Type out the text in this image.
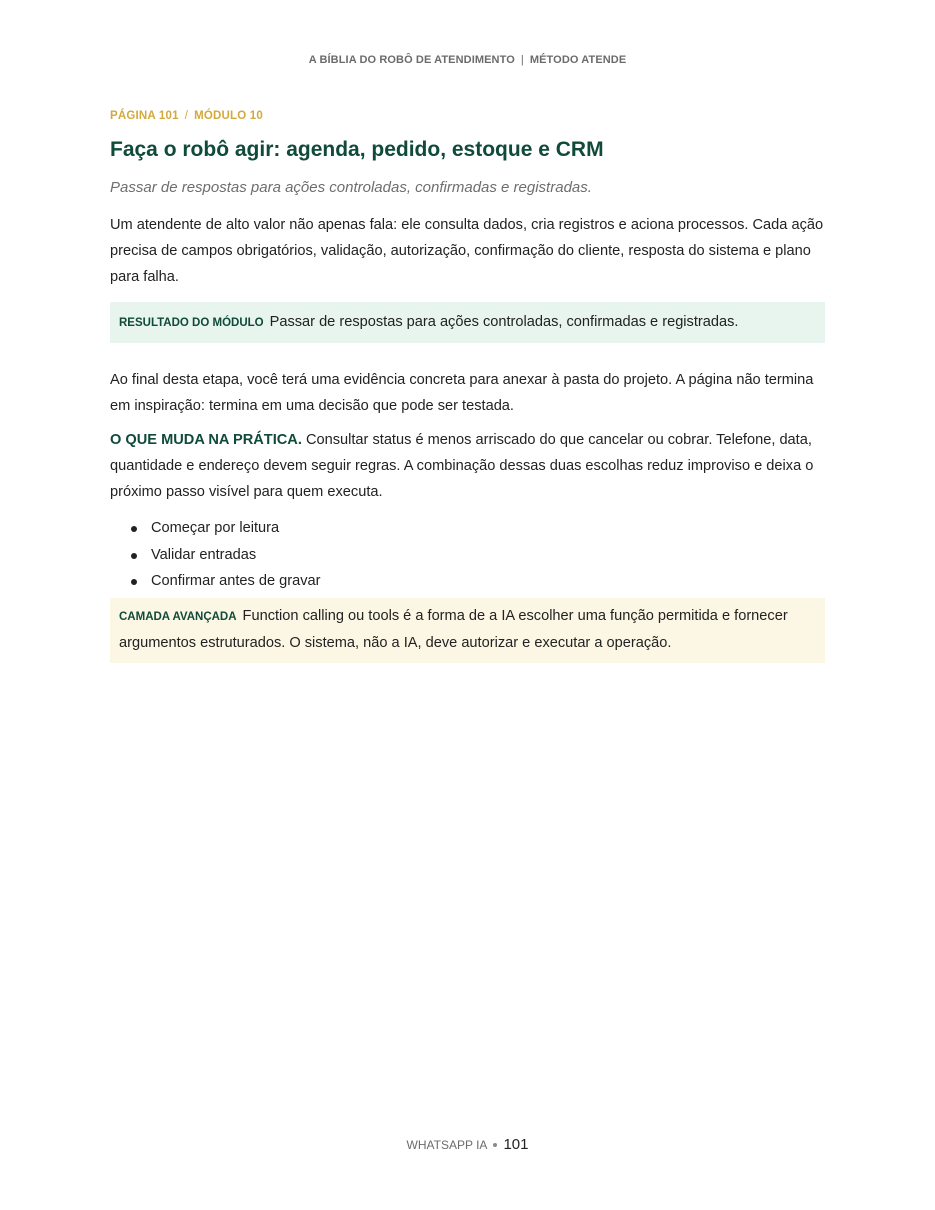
A BÍBLIA DO ROBÔ DE ATENDIMENTO | MÉTODO ATENDE
PÁGINA 101 / MÓDULO 10
Faça o robô agir: agenda, pedido, estoque e CRM
Passar de respostas para ações controladas, confirmadas e registradas.
Um atendente de alto valor não apenas fala: ele consulta dados, cria registros e aciona processos. Cada ação precisa de campos obrigatórios, validação, autorização, confirmação do cliente, resposta do sistema e plano para falha.
RESULTADO DO MÓDULO Passar de respostas para ações controladas, confirmadas e registradas.
Ao final desta etapa, você terá uma evidência concreta para anexar à pasta do projeto. A página não termina em inspiração: termina em uma decisão que pode ser testada.
O QUE MUDA NA PRÁTICA. Consultar status é menos arriscado do que cancelar ou cobrar. Telefone, data, quantidade e endereço devem seguir regras. A combinação dessas duas escolhas reduz improviso e deixa o próximo passo visível para quem executa.
Começar por leitura
Validar entradas
Confirmar antes de gravar
CAMADA AVANÇADA Function calling ou tools é a forma de a IA escolher uma função permitida e fornecer argumentos estruturados. O sistema, não a IA, deve autorizar e executar a operação.
WHATSAPP IA 101
